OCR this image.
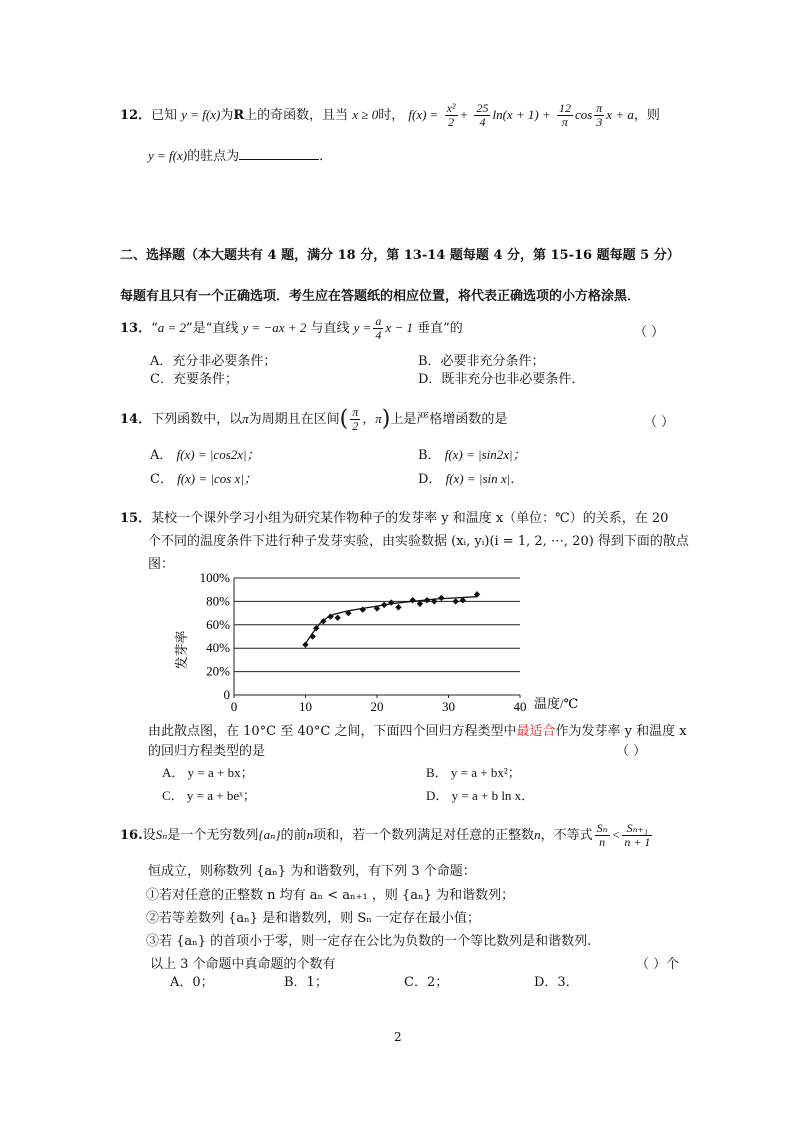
12．已知 y = f(x)为R上的奇函数，且当 x ≥ 0时， $f(x) = \frac{\text{x²}}{2} + \frac{25}{4} \ln(x + 1) + \frac{12}{\pi}$ $\cos \frac{\pi}{3}$ x + a，则
y = f(x)的驻点为	．
二、选择题（本大题共有 4 题，满分 18 分，第 13-14 题每题 4 分，第 15-16 题每题 5 分）
每题有且只有一个正确选项．考生应在答题纸的相应位置，将代表正确选项的小方格涂黑．
13．“a = 2”是“直线 y = −ax + 2 与直线 $y = \frac{a}{4}$ x − 1 垂直”的	（ ）
A．充分非必要条件；	B．必要非充分条件；
C．充要条件；	D．既非充分也非必要条件．
14．下列函数中，以π为周期且在区间( $\frac{\pi}{2}$ ，π)上是严格增函数的是	（ ）
A． f(x) = |cos2x|；	B． f(x) = |sin2x|；
C． f(x) = |cos x|；	D． f(x) = |sin x|．
15．某校一个课外学习小组为研究某作物种子的发芽率 y 和温度 x（单位：℃）的关系，在 20
个不同的温度条件下进行种子发芽实验，由实验数据 (xᵢ, yᵢ)(i = 1, 2, ⋯, 20) 得到下面的散点
图：
0
20%
40%
60%
80%
100%
0	10	20	30	40 温度/℃
发芽率
由此散点图，在 10°C 至 40°C 之间，下面四个回归方程类型中最适合作为发芽率 y 和温度 x
的回归方程类型的是	（ ）
A． y = a + bx；	B． y = a + bx²；
C． y = a + beˣ；	D． y = a + b ln x．
16.设Sₙ是一个无穷数列{aₙ}的前n项和，若一个数列满足对任意的正整数n，不等式 $\frac{\text{Sₙ}}{n} < \frac{\text{Sₙ₊₁}}{n + 1}$
恒成立，则称数列 {aₙ} 为和谐数列，有下列 3 个命题：
①若对任意的正整数 n 均有 aₙ < aₙ₊₁ ，则 {aₙ} 为和谐数列；
②若等差数列 {aₙ} 是和谐数列，则 Sₙ 一定存在最小值；
③若 {aₙ} 的首项小于零，则一定存在公比为负数的一个等比数列是和谐数列.
以上 3 个命题中真命题的个数有	（ ）个
A．0；	B．1；	C．2；	D．3．
2
